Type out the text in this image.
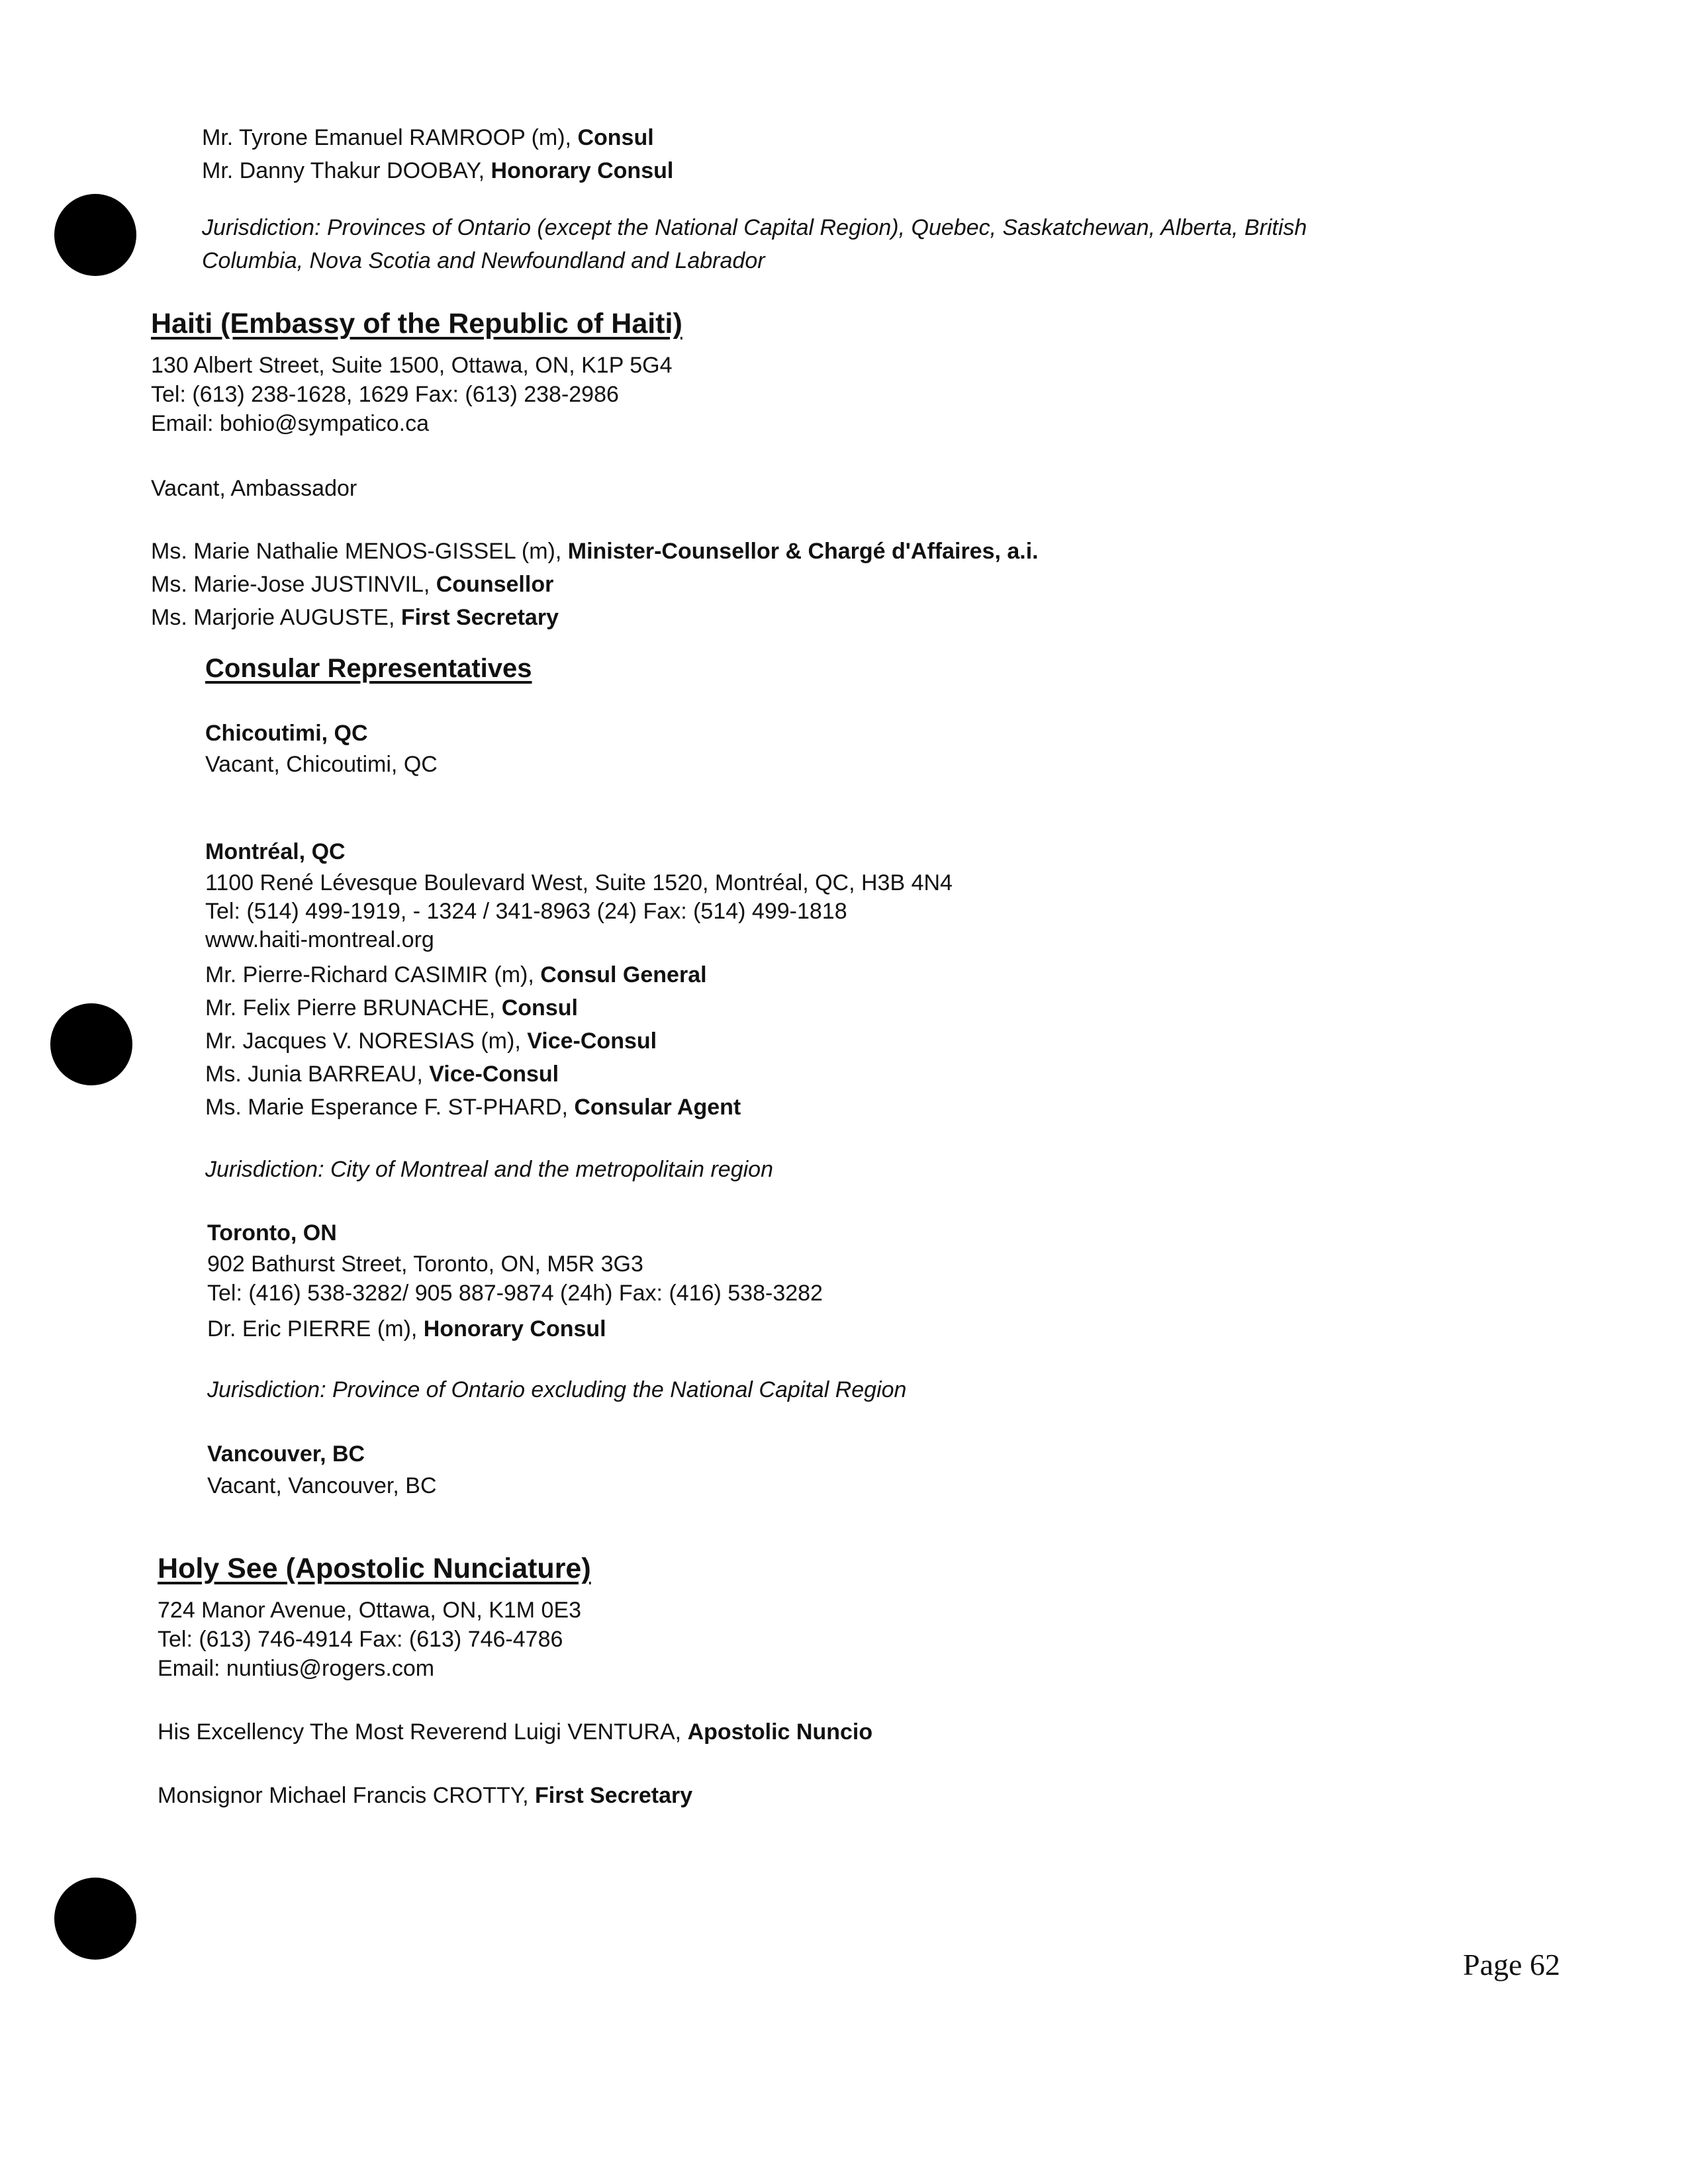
Mr. Tyrone Emanuel RAMROOP (m), Consul
Mr. Danny Thakur DOOBAY, Honorary Consul
Jurisdiction: Provinces of Ontario (except the National Capital Region), Quebec, Saskatchewan, Alberta, British
Columbia, Nova Scotia and Newfoundland and Labrador
Haiti (Embassy of the Republic of Haiti)
130 Albert Street, Suite 1500, Ottawa, ON, K1P 5G4
Tel: (613) 238-1628, 1629 Fax: (613) 238-2986
Email: bohio@sympatico.ca
Vacant, Ambassador
Ms. Marie Nathalie MENOS-GISSEL (m), Minister-Counsellor & Chargé d'Affaires, a.i.
Ms. Marie-Jose JUSTINVIL, Counsellor
Ms. Marjorie AUGUSTE, First Secretary
Consular Representatives
Chicoutimi, QC
Vacant, Chicoutimi, QC
Montréal, QC
1100 René Lévesque Boulevard West, Suite 1520, Montréal, QC, H3B 4N4
Tel: (514) 499-1919, - 1324 / 341-8963 (24) Fax: (514) 499-1818
www.haiti-montreal.org
Mr. Pierre-Richard CASIMIR (m), Consul General
Mr. Felix Pierre BRUNACHE, Consul
Mr. Jacques V. NORESIAS (m), Vice-Consul
Ms. Junia BARREAU, Vice-Consul
Ms. Marie Esperance F. ST-PHARD, Consular Agent
Jurisdiction: City of Montreal and the metropolitain region
Toronto, ON
902 Bathurst Street, Toronto, ON, M5R 3G3
Tel: (416) 538-3282/ 905 887-9874 (24h) Fax: (416) 538-3282
Dr. Eric PIERRE (m), Honorary Consul
Jurisdiction: Province of Ontario excluding the National Capital Region
Vancouver, BC
Vacant, Vancouver, BC
Holy See (Apostolic Nunciature)
724 Manor Avenue, Ottawa, ON, K1M 0E3
Tel: (613) 746-4914 Fax: (613) 746-4786
Email: nuntius@rogers.com
His Excellency The Most Reverend Luigi VENTURA, Apostolic Nuncio
Monsignor Michael Francis CROTTY, First Secretary
Page 62
